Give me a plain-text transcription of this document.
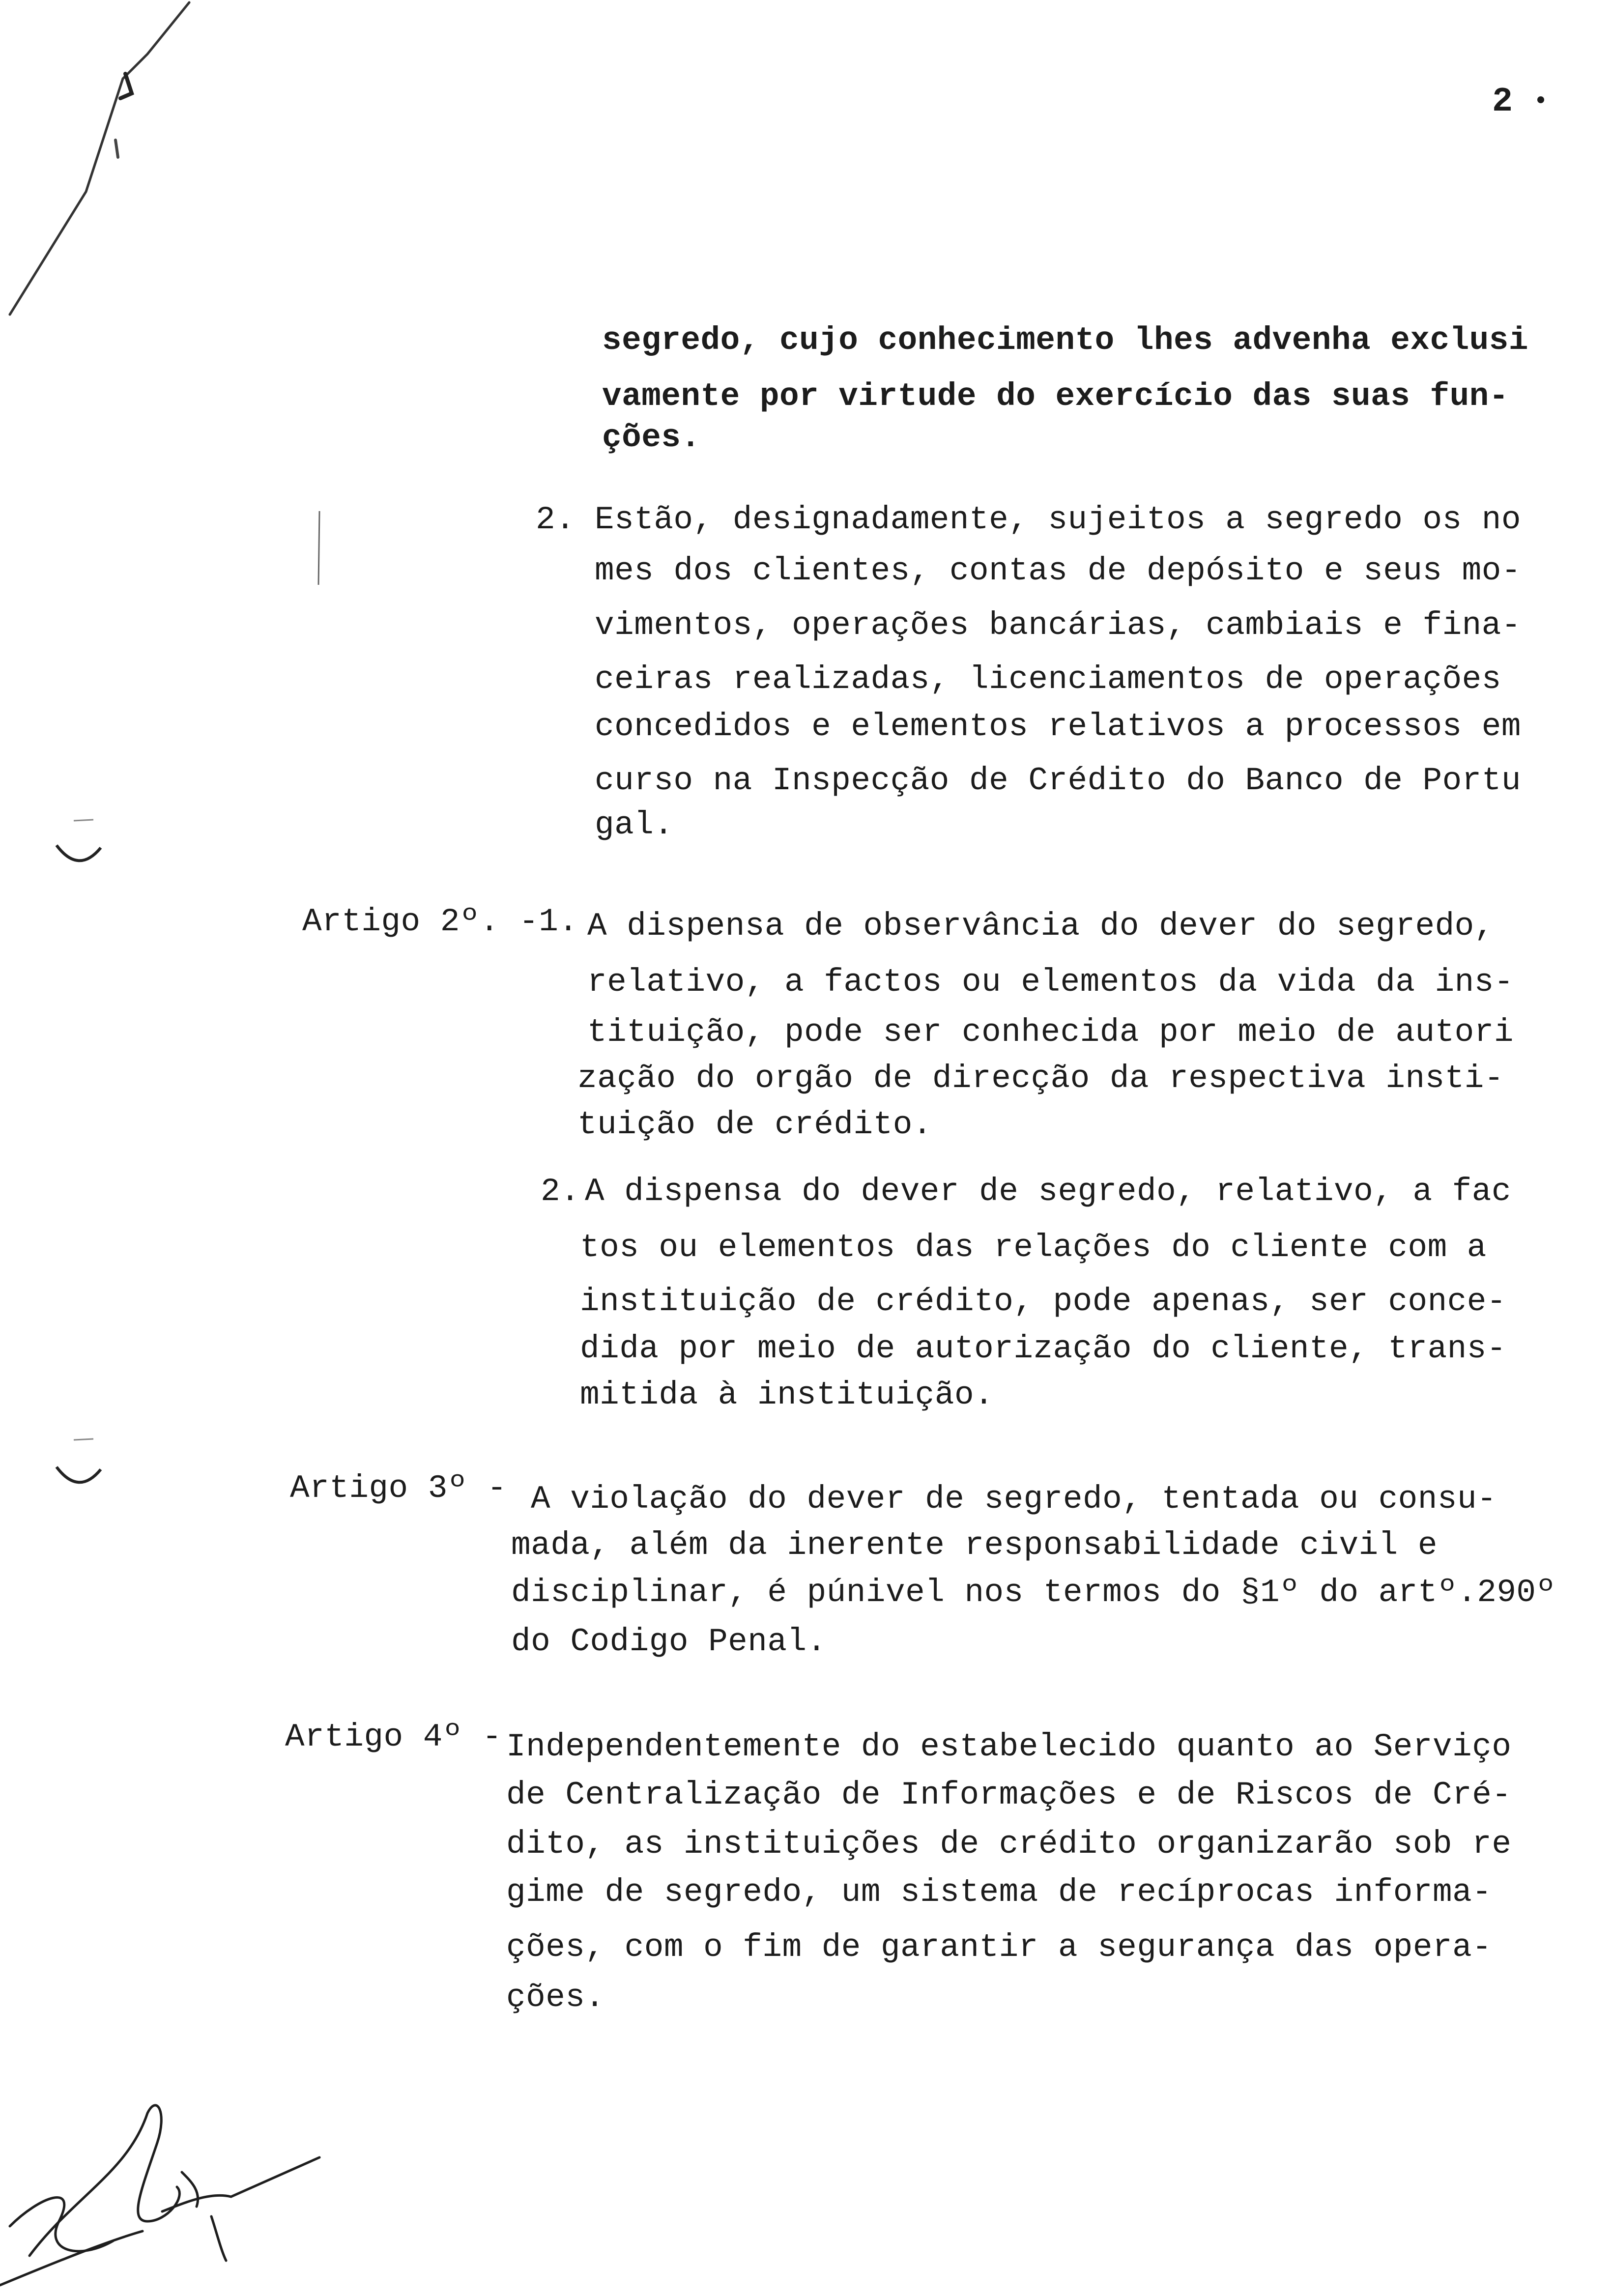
2
segredo, cujo conhecimento lhes advenha exclusi
vamente por virtude do exercício das suas fun-
ções.
2. Estão, designadamente, sujeitos a segredo os no
mes dos clientes, contas de depósito e seus mo-
vimentos, operações bancárias, cambiais e fina-
ceiras realizadas, licenciamentos de operações
concedidos e elementos relativos a processos em
curso na Inspecção de Crédito do Banco de Portu
gal.
Artigo 2º. -1. A dispensa de observância do dever do segredo,
relativo, a factos ou elementos da vida da ins-
tituição, pode ser conhecida por meio de autori
zação do orgão de direcção da respectiva insti-
tuição de crédito.
2. A dispensa do dever de segredo, relativo, a fac
tos ou elementos das relações do cliente com a
instituição de crédito, pode apenas, ser conce-
dida por meio de autorização do cliente, trans-
mitida à instituição.
Artigo 3º - A violação do dever de segredo, tentada ou consu-
mada, além da inerente responsabilidade civil e
disciplinar, é púnivel nos termos do §1º do artº.290º
do Codigo Penal.
Artigo 4º - Independentemente do estabelecido quanto ao Serviço
de Centralização de Informações e de Riscos de Cré-
dito, as instituições de crédito organizarão sob re
gime de segredo, um sistema de recíprocas informa-
ções, com o fim de garantir a segurança das opera-
ções.
